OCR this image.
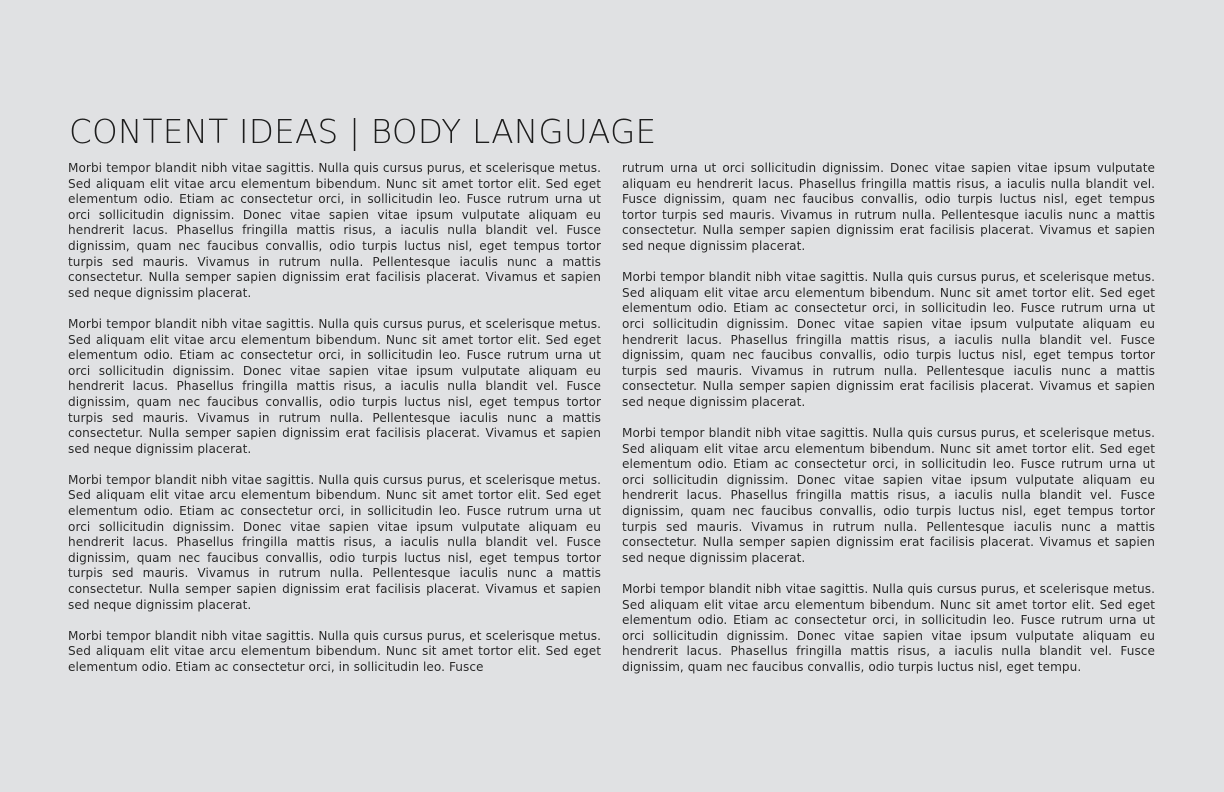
CONTENT IDEAS | BODY LANGUAGE

Morbi tempor blandit nibh vitae sagittis. Nulla quis cursus purus, et scelerisque metus. Sed aliquam elit vitae arcu elementum bibendum. Nunc sit amet tortor elit. Sed eget elementum odio. Etiam ac consectetur orci, in sollicitudin leo. Fusce rutrum urna ut orci sollicitudin dignissim. Donec vitae sapien vitae ipsum vulputate aliquam eu hendrerit lacus. Phasellus fringilla mattis risus, a iaculis nulla blandit vel. Fusce dignissim, quam nec faucibus convallis, odio turpis luctus nisl, eget tempus tortor turpis sed mauris. Vivamus in rutrum nulla. Pellentesque iaculis nunc a mattis consectetur. Nulla semper sapien dignissim erat facilisis placerat. Vivamus et sapien sed neque dignissim placerat.

Morbi tempor blandit nibh vitae sagittis. Nulla quis cursus purus, et scelerisque metus. Sed aliquam elit vitae arcu elementum bibendum. Nunc sit amet tortor elit. Sed eget elementum odio. Etiam ac consectetur orci, in sollicitudin leo. Fusce rutrum urna ut orci sollicitudin dignissim. Donec vitae sapien vitae ipsum vulputate aliquam eu hendrerit lacus. Phasellus fringilla mattis risus, a iaculis nulla blandit vel. Fusce dignissim, quam nec faucibus convallis, odio turpis luctus nisl, eget tempus tortor turpis sed mauris. Vivamus in rutrum nulla. Pellentesque iaculis nunc a mattis consectetur. Nulla semper sapien dignissim erat facilisis placerat. Vivamus et sapien sed neque dignissim placerat.

Morbi tempor blandit nibh vitae sagittis. Nulla quis cursus purus, et scelerisque metus. Sed aliquam elit vitae arcu elementum bibendum. Nunc sit amet tortor elit. Sed eget elementum odio. Etiam ac consectetur orci, in sollicitudin leo. Fusce rutrum urna ut orci sollicitudin dignissim. Donec vitae sapien vitae ipsum vulputate aliquam eu hendrerit lacus. Phasellus fringilla mattis risus, a iaculis nulla blandit vel. Fusce dignissim, quam nec faucibus convallis, odio turpis luctus nisl, eget tempus tortor turpis sed mauris. Vivamus in rutrum nulla. Pellentesque iaculis nunc a mattis consectetur. Nulla semper sapien dignissim erat facilisis placerat. Vivamus et sapien sed neque dignissim placerat.

Morbi tempor blandit nibh vitae sagittis. Nulla quis cursus purus, et scelerisque metus. Sed aliquam elit vitae arcu elementum bibendum. Nunc sit amet tortor elit. Sed eget elementum odio. Etiam ac consectetur orci, in sollicitudin leo. Fusce

rutrum urna ut orci sollicitudin dignissim. Donec vitae sapien vitae ipsum vulputate aliquam eu hendrerit lacus. Phasellus fringilla mattis risus, a iaculis nulla blandit vel. Fusce dignissim, quam nec faucibus convallis, odio turpis luctus nisl, eget tempus tortor turpis sed mauris. Vivamus in rutrum nulla. Pellentesque iaculis nunc a mattis consectetur. Nulla semper sapien dignissim erat facilisis placerat. Vivamus et sapien sed neque dignissim placerat.

Morbi tempor blandit nibh vitae sagittis. Nulla quis cursus purus, et scelerisque metus. Sed aliquam elit vitae arcu elementum bibendum. Nunc sit amet tortor elit. Sed eget elementum odio. Etiam ac consectetur orci, in sollicitudin leo. Fusce rutrum urna ut orci sollicitudin dignissim. Donec vitae sapien vitae ipsum vulputate aliquam eu hendrerit lacus. Phasellus fringilla mattis risus, a iaculis nulla blandit vel. Fusce dignissim, quam nec faucibus convallis, odio turpis luctus nisl, eget tempus tortor turpis sed mauris. Vivamus in rutrum nulla. Pellentesque iaculis nunc a mattis consectetur. Nulla semper sapien dignissim erat facilisis placerat. Vivamus et sapien sed neque dignissim placerat.

Morbi tempor blandit nibh vitae sagittis. Nulla quis cursus purus, et scelerisque metus. Sed aliquam elit vitae arcu elementum bibendum. Nunc sit amet tortor elit. Sed eget elementum odio. Etiam ac consectetur orci, in sollicitudin leo. Fusce rutrum urna ut orci sollicitudin dignissim. Donec vitae sapien vitae ipsum vulputate aliquam eu hendrerit lacus. Phasellus fringilla mattis risus, a iaculis nulla blandit vel. Fusce dignissim, quam nec faucibus convallis, odio turpis luctus nisl, eget tempus tortor turpis sed mauris. Vivamus in rutrum nulla. Pellentesque iaculis nunc a mattis consectetur. Nulla semper sapien dignissim erat facilisis placerat. Vivamus et sapien sed neque dignissim placerat.

Morbi tempor blandit nibh vitae sagittis. Nulla quis cursus purus, et scelerisque metus. Sed aliquam elit vitae arcu elementum bibendum. Nunc sit amet tortor elit. Sed eget elementum odio. Etiam ac consectetur orci, in sollicitudin leo. Fusce rutrum urna ut orci sollicitudin dignissim. Donec vitae sapien vitae ipsum vulputate aliquam eu hendrerit lacus. Phasellus fringilla mattis risus, a iaculis nulla blandit vel. Fusce dignissim, quam nec faucibus convallis, odio turpis luctus nisl, eget tempu.
